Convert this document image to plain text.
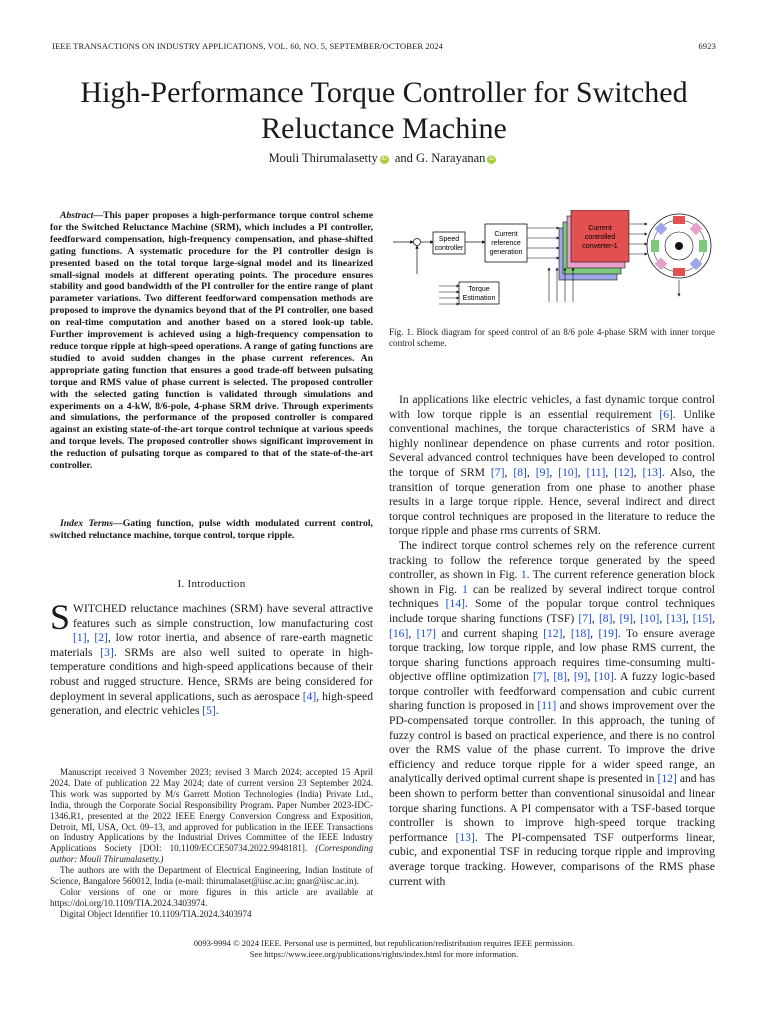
IEEE TRANSACTIONS ON INDUSTRY APPLICATIONS, VOL. 60, NO. 5, SEPTEMBER/OCTOBER 2024	6923
High-Performance Torque Controller for Switched
Reluctance Machine
Mouli Thirumalasetty iD and G. Narayanan iD
Abstract—This paper proposes a high-performance torque control scheme for the Switched Reluctance Machine (SRM), which includes a PI controller, feedforward compensation, high-frequency compensation, and phase-shifted gating functions. A systematic procedure for the PI controller design is presented based on the total torque large-signal model and its linearized small-signal models at different operating points. The procedure ensures stability and good bandwidth of the PI controller for the entire range of plant parameter variations. Two different feedforward compensation methods are proposed to improve the dynamics beyond that of the PI controller, one based on real-time computation and another based on a stored look-up table. Further improvement is achieved using a high-frequency compensation to reduce torque ripple at high-speed operations. A range of gating functions are studied to avoid sudden changes in the phase current references. An appropriate gating function that ensures a good trade-off between pulsating torque and RMS value of phase current is selected. The proposed controller with the selected gating function is validated through simulations and experiments on a 4-kW, 8/6-pole, 4-phase SRM drive. Through experiments and simulations, the performance of the proposed controller is compared against an existing state-of-the-art torque control technique at various speeds and torque levels. The proposed controller shows significant improvement in the reduction of pulsating torque as compared to that of the state-of-the-art controller.
Index Terms—Gating function, pulse width modulated current control, switched reluctance machine, torque control, torque ripple.
I. Introduction
SWITCHED reluctance machines (SRM) have several attractive features such as simple construction, low manufacturing cost [1], [2], low rotor inertia, and absence of rare-earth magnetic materials [3]. SRMs are also well suited to operate in high-temperature conditions and high-speed applications because of their robust and rugged structure. Hence, SRMs are being considered for deployment in several applications, such as aerospace [4], high-speed generation, and electric vehicles [5].

Manuscript received 3 November 2023; revised 3 March 2024; accepted 15 April 2024. Date of publication 22 May 2024; date of current version 23 September 2024. This work was supported by M/s Garrett Motion Technologies (India) Private Ltd., India, through the Corporate Social Responsibility Program. Paper Number 2023-IDC-1346.R1, presented at the 2022 IEEE Energy Conversion Congress and Exposition, Detroit, MI, USA, Oct. 09–13, and approved for publication in the IEEE Transactions on Industry Applications by the Industrial Drives Committee of the IEEE Industry Applications Society [DOI: 10.1109/ECCE50734.2022.9948181]. (Corresponding author: Mouli Thirumalasetty.)

The authors are with the Department of Electrical Engineering, Indian Institute of Science, Bangalore 560012, India (e-mail: thirumalaset@iisc.ac.in; gnar@iisc.ac.in).

Color versions of one or more figures in this article are available at https://doi.org/10.1109/TIA.2024.3403974.

Digital Object Identifier 10.1109/TIA.2024.3403974

Speed
controller
Current
reference
generation
Current
controlled
converter-1
Torque
Estimation
Fig. 1. Block diagram for speed control of an 8/6 pole 4-phase SRM with inner torque control scheme.

In applications like electric vehicles, a fast dynamic torque control with low torque ripple is an essential requirement [6]. Unlike conventional machines, the torque characteristics of SRM have a highly nonlinear dependence on phase currents and rotor position. Several advanced control techniques have been developed to control the torque of SRM [7], [8], [9], [10], [11], [12], [13]. Also, the transition of torque generation from one phase to another phase results in a large torque ripple. Hence, several indirect and direct torque control techniques are proposed in the literature to reduce the torque ripple and phase rms currents of SRM.

The indirect torque control schemes rely on the reference current tracking to follow the reference torque generated by the speed controller, as shown in Fig. 1. The current reference generation block shown in Fig. 1 can be realized by several indirect torque control techniques [14]. Some of the popular torque control techniques include torque sharing functions (TSF) [7], [8], [9], [10], [13], [15], [16], [17] and current shaping [12], [18], [19]. To ensure average torque tracking, low torque ripple, and low phase RMS current, the torque sharing functions approach requires time-consuming multi-objective offline optimization [7], [8], [9], [10]. A fuzzy logic-based torque controller with feedforward compensation and cubic current sharing function is proposed in [11] and shows improvement over the PD-compensated torque controller. In this approach, the tuning of fuzzy control is based on practical experience, and there is no control over the RMS value of the phase current. To improve the drive efficiency and reduce torque ripple for a wider speed range, an analytically derived optimal current shape is presented in [12] and has been shown to perform better than conventional sinusoidal and linear torque sharing functions. A PI compensator with a TSF-based torque controller is shown to improve high-speed torque tracking performance [13]. The PI-compensated TSF outperforms linear, cubic, and exponential TSF in reducing torque ripple and improving average torque tracking. However, comparisons of the RMS phase current with

0093-9994 © 2024 IEEE. Personal use is permitted, but republication/redistribution requires IEEE permission.
See https://www.ieee.org/publications/rights/index.html for more information.
